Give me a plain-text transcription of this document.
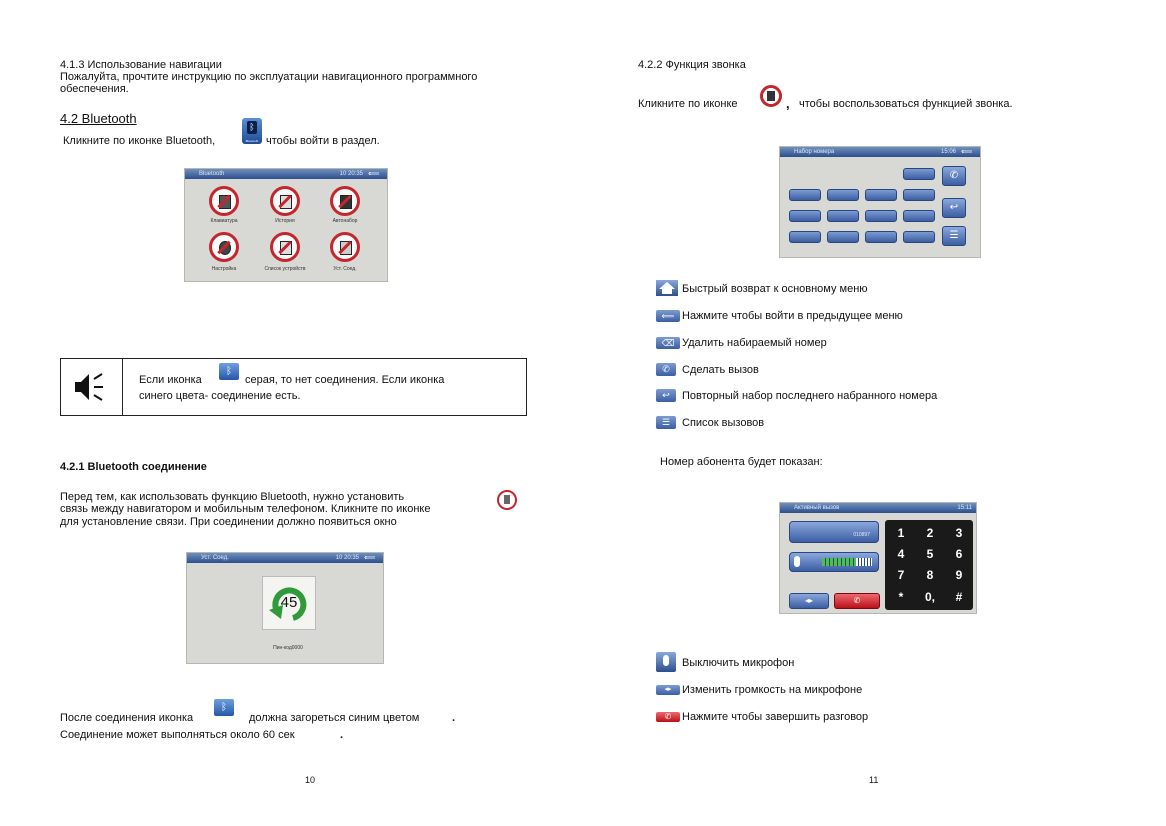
4.1.3 Использование навигации
Пожалуйта, прочтите инструкцию по эксплуатации навигационного программного
обеспечения.
4.2 Bluetooth
Кликните по иконке Bluetooth,
ᛒ
Bluetooth чтобы войти в раздел.
Bluetooth	10 20:35 ⟸
Клавиатура	История	Автонабор
Настройка	Список устройств	Уст. Соед.
Если иконка
ᛒ
серая, то нет соединения. Если иконка
синего цвета- соединение есть.
4.2.1 Bluetooth соединение
Перед тем, как использовать функцию Bluetooth, нужно установить
связь между навигатором и мобильным телефоном. Кликните по иконке
для установление связи. При соединении должно появиться окно
Уст. Соед.	10 20:35 ⟸
45
Пин-код0000
После соединения иконка
ᛒ
должна загореться синим цветом	.
Соединение может выполняться около 60 сек	.
10
4.2.2 Функция звонка
Кликните по иконке	, чтобы воспользоваться функцией звонка.
Набор номера	15:06 ⟸
✆
↩
☰
Быстрый возврат к основному меню
⟸ Нажмите чтобы войти в предыдущее меню
⌫ Удалить набираемый номер
✆	Сделать вызов
↩	Повторный набор последнего набранного номера
☰	Список вызовов
Номер абонента будет показан:
Активный вызов	15:11
010897
◂▸	✆
1	2	3
4	5	6
7	8	9
*	0,	#
Выключить микрофон
◂▸ Изменить громкость на микрофоне
✆ Нажмите чтобы завершить разговор
11
